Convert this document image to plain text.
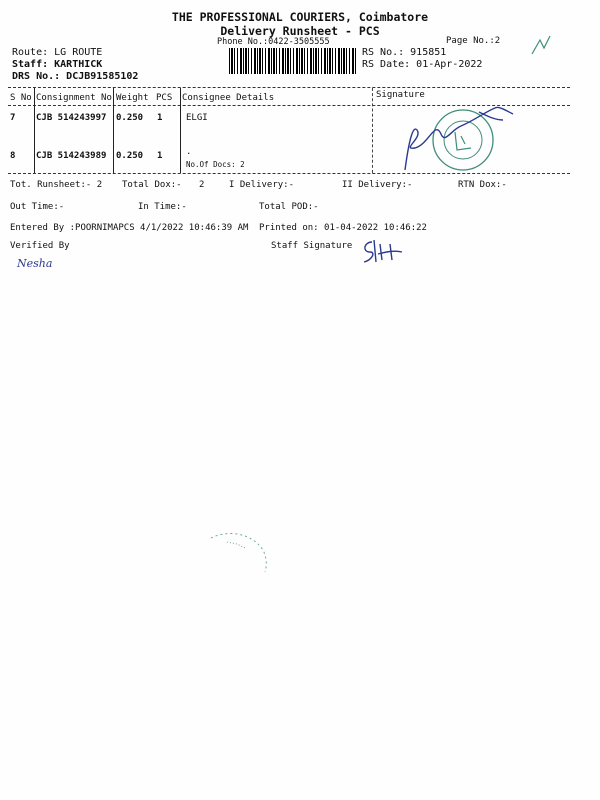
THE PROFESSIONAL COURIERS, Coimbatore
Delivery Runsheet - PCS
Phone No.:0422-3505555	Page No.:2
Route: LG ROUTE
Staff: KARTHICK
DRS No.: DCJB91585102
RS No.: 915851
RS Date: 01-Apr-2022
S No Consignment No Weight PCS Consignee Details	Signature
7 CJB 514243997 0.250 1	ELGI
8 CJB 514243989 0.250 1	.
No.Of Docs: 2
Tot. Runsheet:- 2 Total Dox:- 2	I Delivery:-	II Delivery:-	RTN Dox:-
Out Time:-	In Time:-	Total POD:-
Entered By :POORNIMAPCS 4/1/2022 10:46:39 AM Printed on: 01-04-2022 10:46:22
Verified By	Staff Signature
Nesha
